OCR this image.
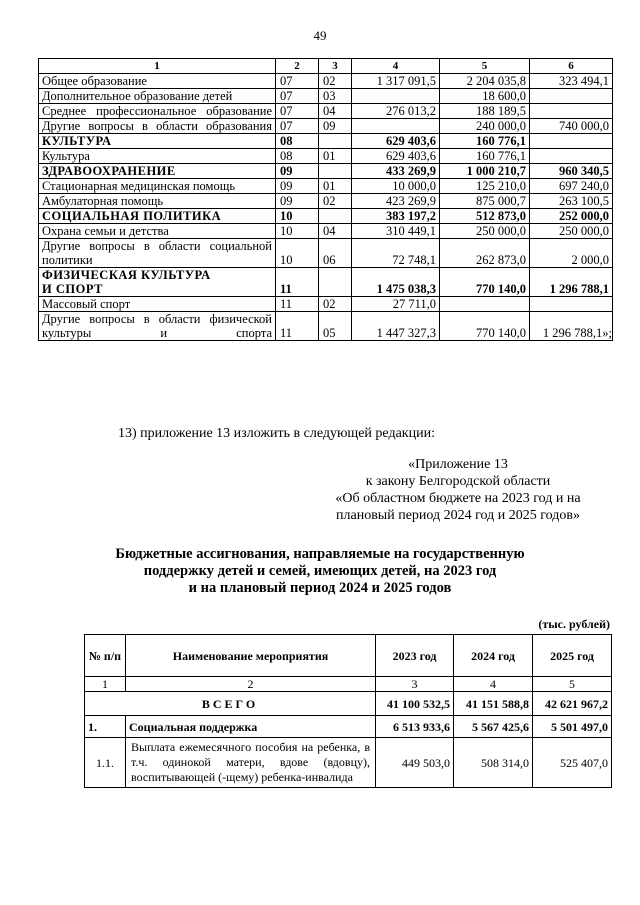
49
1	2	3	4	5	6
Общее образование	07	02	1 317 091,5	2 204 035,8	323 494,1
Дополнительное образование детей	07	03		18 600,0	
Среднее профессиональное образование	07	04	276 013,2	188 189,5	
Другие вопросы в области образования	07	09		240 000,0	740 000,0
КУЛЬТУРА	08		629 403,6	160 776,1	
Культура	08	01	629 403,6	160 776,1	
ЗДРАВООХРАНЕНИЕ	09		433 269,9	1 000 210,7	960 340,5
Стационарная медицинская помощь	09	01	10 000,0	125 210,0	697 240,0
Амбулаторная помощь	09	02	423 269,9	875 000,7	263 100,5
СОЦИАЛЬНАЯ ПОЛИТИКА	10		383 197,2	512 873,0	252 000,0
Охрана семьи и детства	10	04	310 449,1	250 000,0	250 000,0
Другие вопросы в области социальной политики	10	06	72 748,1	262 873,0	2 000,0
ФИЗИЧЕСКАЯ КУЛЬТУРА И СПОРТ	11		1 475 038,3	770 140,0	1 296 788,1
Массовый спорт	11	02	27 711,0		
Другие вопросы в области физической культуры и спорта	11	05	1 447 327,3	770 140,0	1 296 788,1»;
13) приложение 13 изложить в следующей редакции:
«Приложение 13
к закону Белгородской области
«Об областном бюджете на 2023 год и на
плановый период 2024 год и 2025 годов»
Бюджетные ассигнования, направляемые на государственную
поддержку детей и семей, имеющих детей, на 2023 год
и на плановый период 2024 и 2025 годов
(тыс. рублей)
№ п/п	Наименование мероприятия	2023 год	2024 год	2025 год
1	2	3	4	5
ВСЕГО		41 100 532,5	41 151 588,8	42 621 967,2
1.	Социальная поддержка	6 513 933,6	5 567 425,6	5 501 497,0
1.1.	Выплата ежемесячного пособия на ребенка, в т.ч. одинокой матери, вдове (вдовцу), воспитывающей (-щему) ребенка-инвалида	449 503,0	508 314,0	525 407,0
